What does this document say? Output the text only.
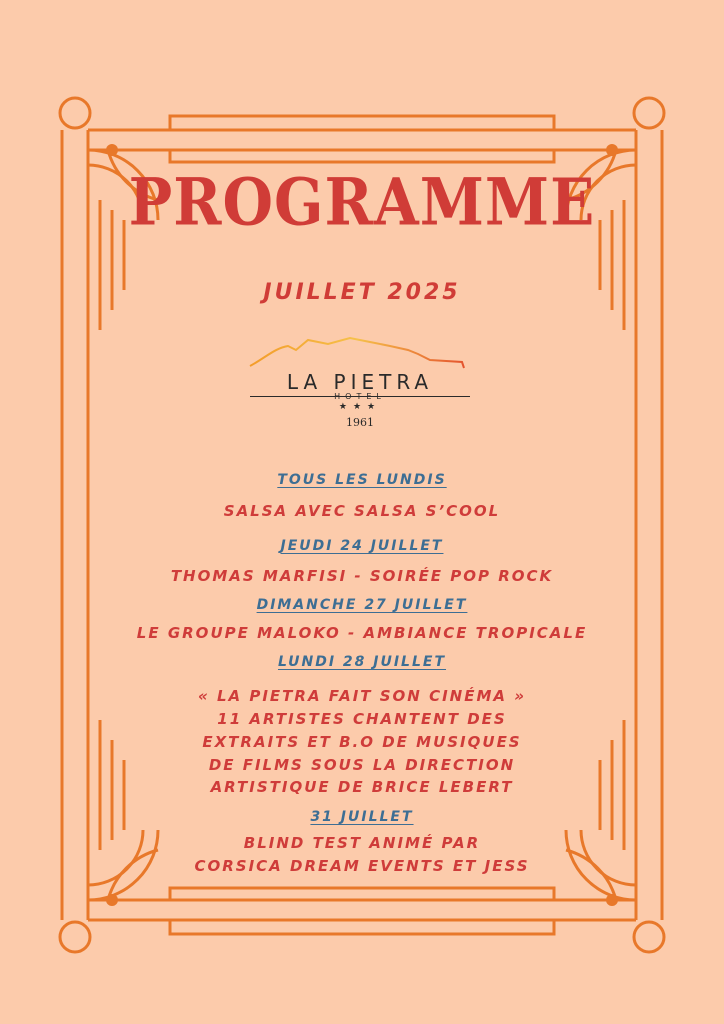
PROGRAMME
JUILLET 2025
LA PIETRA
HOTEL
★★★
1961
TOUS LES LUNDIS
SALSA AVEC SALSA S’COOL
JEUDI 24 JUILLET
THOMAS MARFISI - SOIRÉE POP ROCK
DIMANCHE 27 JUILLET
LE GROUPE MALOKO - AMBIANCE TROPICALE
LUNDI 28 JUILLET
« LA PIETRA FAIT SON CINÉMA »
11 ARTISTES CHANTENT DES
EXTRAITS ET B.O DE MUSIQUES
DE FILMS SOUS LA DIRECTION
ARTISTIQUE DE BRICE LEBERT
31 JUILLET
BLIND TEST ANIMÉ PAR
CORSICA DREAM EVENTS ET JESS
